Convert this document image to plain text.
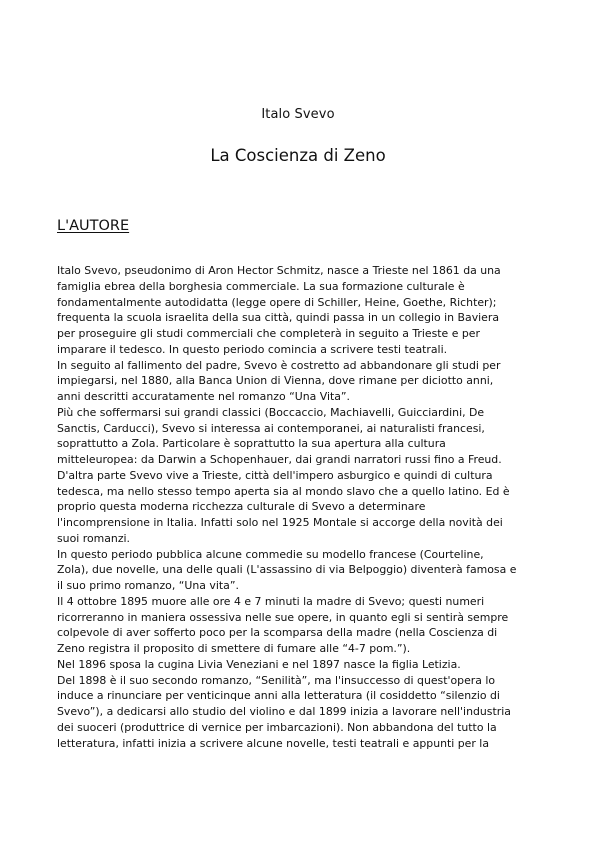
Italo Svevo
La Coscienza di Zeno
L'AUTORE
Italo Svevo, pseudonimo di Aron Hector Schmitz, nasce a Trieste nel 1861 da una
famiglia ebrea della borghesia commerciale. La sua formazione culturale è
fondamentalmente autodidatta (legge opere di Schiller, Heine, Goethe, Richter);
frequenta la scuola israelita della sua città, quindi passa in un collegio in Baviera
per proseguire gli studi commerciali che completerà in seguito a Trieste e per
imparare il tedesco. In questo periodo comincia a scrivere testi teatrali.
In seguito al fallimento del padre, Svevo è costretto ad abbandonare gli studi per
impiegarsi, nel 1880, alla Banca Union di Vienna, dove rimane per diciotto anni,
anni descritti accuratamente nel romanzo “Una Vita”.
Più che soffermarsi sui grandi classici (Boccaccio, Machiavelli, Guicciardini, De
Sanctis, Carducci), Svevo si interessa ai contemporanei, ai naturalisti francesi,
soprattutto a Zola. Particolare è soprattutto la sua apertura alla cultura
mitteleuropea: da Darwin a Schopenhauer, dai grandi narratori russi fino a Freud.
D'altra parte Svevo vive a Trieste, città dell'impero asburgico e quindi di cultura
tedesca, ma nello stesso tempo aperta sia al mondo slavo che a quello latino. Ed è
proprio questa moderna ricchezza culturale di Svevo a determinare
l'incomprensione in Italia. Infatti solo nel 1925 Montale si accorge della novità dei
suoi romanzi.
In questo periodo pubblica alcune commedie su modello francese (Courteline,
Zola), due novelle, una delle quali (L'assassino di via Belpoggio) diventerà famosa e
il suo primo romanzo, “Una vita”.
Il 4 ottobre 1895 muore alle ore 4 e 7 minuti la madre di Svevo; questi numeri
ricorreranno in maniera ossessiva nelle sue opere, in quanto egli si sentirà sempre
colpevole di aver sofferto poco per la scomparsa della madre (nella Coscienza di
Zeno registra il proposito di smettere di fumare alle “4-7 pom.”).
Nel 1896 sposa la cugina Livia Veneziani e nel 1897 nasce la figlia Letizia.
Del 1898 è il suo secondo romanzo, “Senilità”, ma l'insuccesso di quest'opera lo
induce a rinunciare per venticinque anni alla letteratura (il cosiddetto “silenzio di
Svevo”), a dedicarsi allo studio del violino e dal 1899 inizia a lavorare nell'industria
dei suoceri (produttrice di vernice per imbarcazioni). Non abbandona del tutto la
letteratura, infatti inizia a scrivere alcune novelle, testi teatrali e appunti per la
